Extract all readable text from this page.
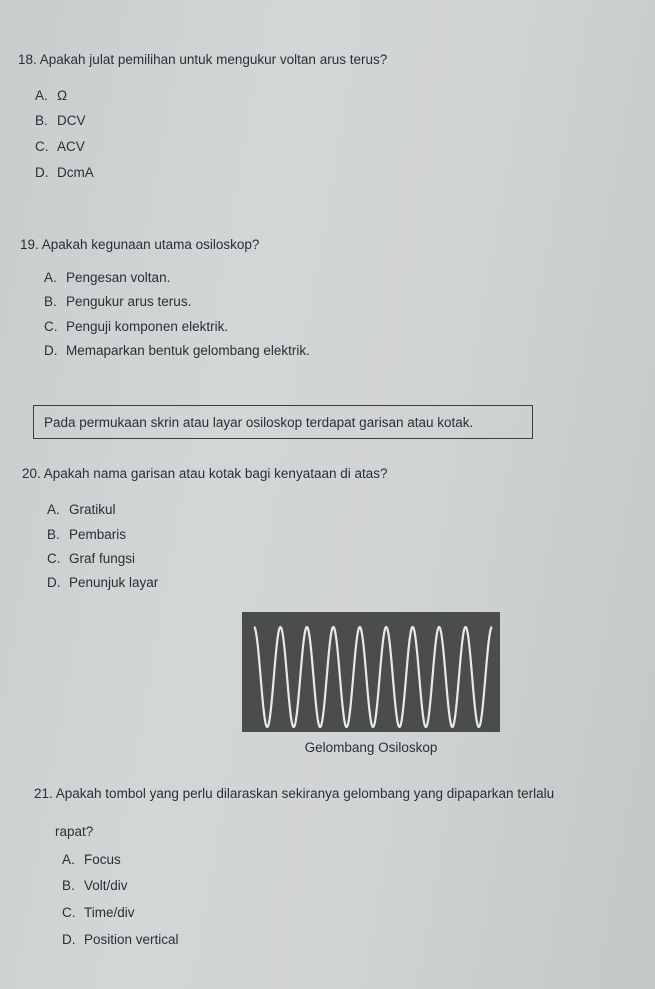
18. Apakah julat pemilihan untuk mengukur voltan arus terus?
A. Ω
B. DCV
C. ACV
D. DcmA
19. Apakah kegunaan utama osiloskop?
A. Pengesan voltan.
B. Pengukur arus terus.
C. Penguji komponen elektrik.
D. Memaparkan bentuk gelombang elektrik.
Pada permukaan skrin atau layar osiloskop terdapat garisan atau kotak.
20. Apakah nama garisan atau kotak bagi kenyataan di atas?
A. Gratikul
B. Pembaris
C. Graf fungsi
D. Penunjuk layar
Gelombang Osiloskop
21. Apakah tombol yang perlu dilaraskan sekiranya gelombang yang dipaparkan terlalu
rapat?
A. Focus
B. Volt/div
C. Time/div
D. Position vertical
